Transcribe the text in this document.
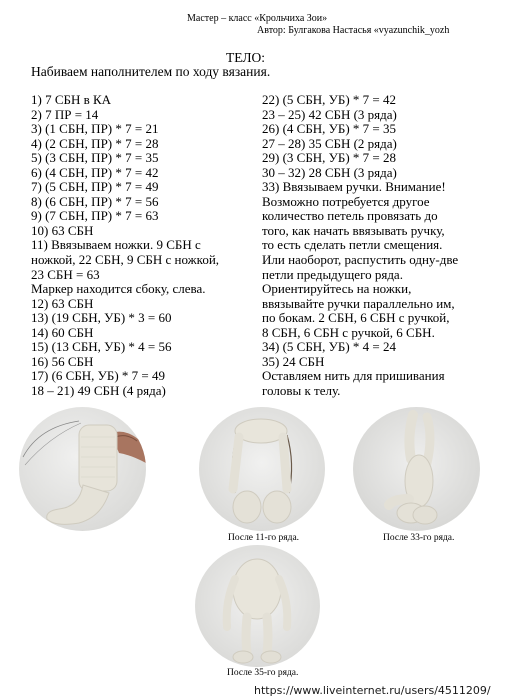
Мастер – класс «Крольчиха Зои»
Автор: Булгакова Настасья «vyazunchik_yozh
ТЕЛО:
Набиваем наполнителем по ходу вязания.
1) 7 СБН в КА
2) 7 ПР = 14
3) (1 СБН, ПР) * 7 = 21
4) (2 СБН, ПР) * 7 = 28
5) (3 СБН, ПР) * 7 = 35
6) (4 СБН, ПР) * 7 = 42
7) (5 СБН, ПР) * 7 = 49
8) (6 СБН, ПР) * 7 = 56
9) (7 СБН, ПР) * 7 = 63
10) 63 СБН
11) Ввязываем ножки. 9 СБН с
ножкой, 22 СБН, 9 СБН с ножкой,
23 СБН = 63
Маркер находится сбоку, слева.
12) 63 СБН
13) (19 СБН, УБ) * 3 = 60
14) 60 СБН
15) (13 СБН, УБ) * 4 = 56
16) 56 СБН
17) (6 СБН, УБ) * 7 = 49
18 – 21) 49 СБН (4 ряда)
22) (5 СБН, УБ) * 7 = 42
23 – 25) 42 СБН (3 ряда)
26) (4 СБН, УБ) * 7 = 35
27 – 28) 35 СБН (2 ряда)
29) (3 СБН, УБ) * 7 = 28
30 – 32) 28 СБН (3 ряда)
33) Ввязываем ручки. Внимание!
Возможно потребуется другое
количество петель провязать до
того, как начать ввязывать ручку,
то есть сделать петли смещения.
Или наоборот, распустить одну-две
петли предыдущего ряда.
Ориентируйтесь на ножки,
ввязывайте ручки параллельно им,
по бокам. 2 СБН, 6 СБН с ручкой,
8 СБН, 6 СБН с ручкой, 6 СБН.
34) (5 СБН, УБ) * 4 = 24
35) 24 СБН
Оставляем нить для пришивания
головы к телу.
После 11-го ряда.	После 33-го ряда.
После 35-го ряда.
https://www.liveinternet.ru/users/4511209/
